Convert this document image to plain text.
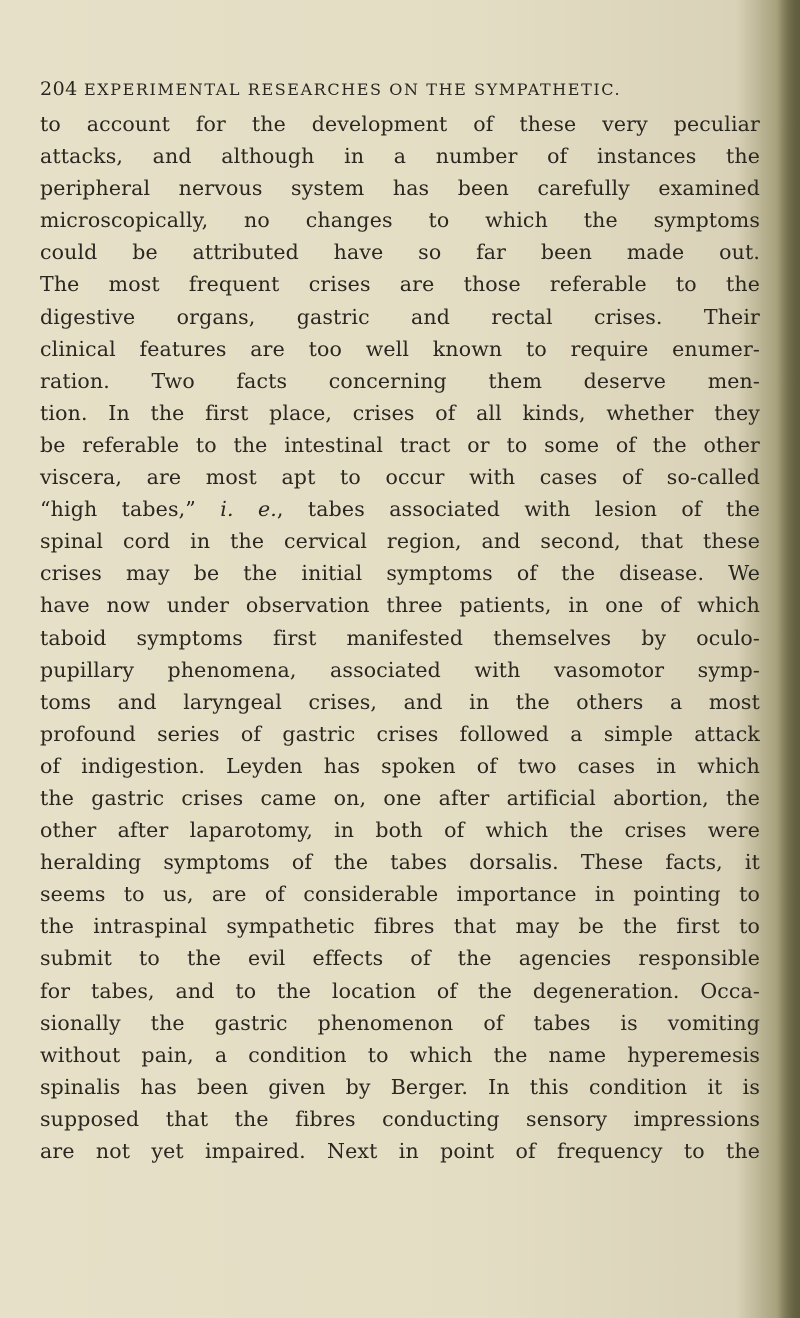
204 EXPERIMENTAL RESEARCHES ON THE SYMPATHETIC.
to account for the development of these very peculiar
attacks, and although in a number of instances the
peripheral nervous system has been carefully examined
microscopically, no changes to which the symptoms
could be attributed have so far been made out.
The most frequent crises are those referable to the
digestive organs, gastric and rectal crises. Their
clinical features are too well known to require enumer-
ration. Two facts concerning them deserve men-
tion. In the first place, crises of all kinds, whether they
be referable to the intestinal tract or to some of the other
viscera, are most apt to occur with cases of so-called
“high tabes,” i. e., tabes associated with lesion of the
spinal cord in the cervical region, and second, that these
crises may be the initial symptoms of the disease. We
have now under observation three patients, in one of which
taboid symptoms first manifested themselves by oculo-
pupillary phenomena, associated with vasomotor symp-
toms and laryngeal crises, and in the others a most
profound series of gastric crises followed a simple attack
of indigestion. Leyden has spoken of two cases in which
the gastric crises came on, one after artificial abortion, the
other after laparotomy, in both of which the crises were
heralding symptoms of the tabes dorsalis. These facts, it
seems to us, are of considerable importance in pointing to
the intraspinal sympathetic fibres that may be the first to
submit to the evil effects of the agencies responsible
for tabes, and to the location of the degeneration. Occa-
sionally the gastric phenomenon of tabes is vomiting
without pain, a condition to which the name hyperemesis
spinalis has been given by Berger. In this condition it is
supposed that the fibres conducting sensory impressions
are not yet impaired. Next in point of frequency to the
